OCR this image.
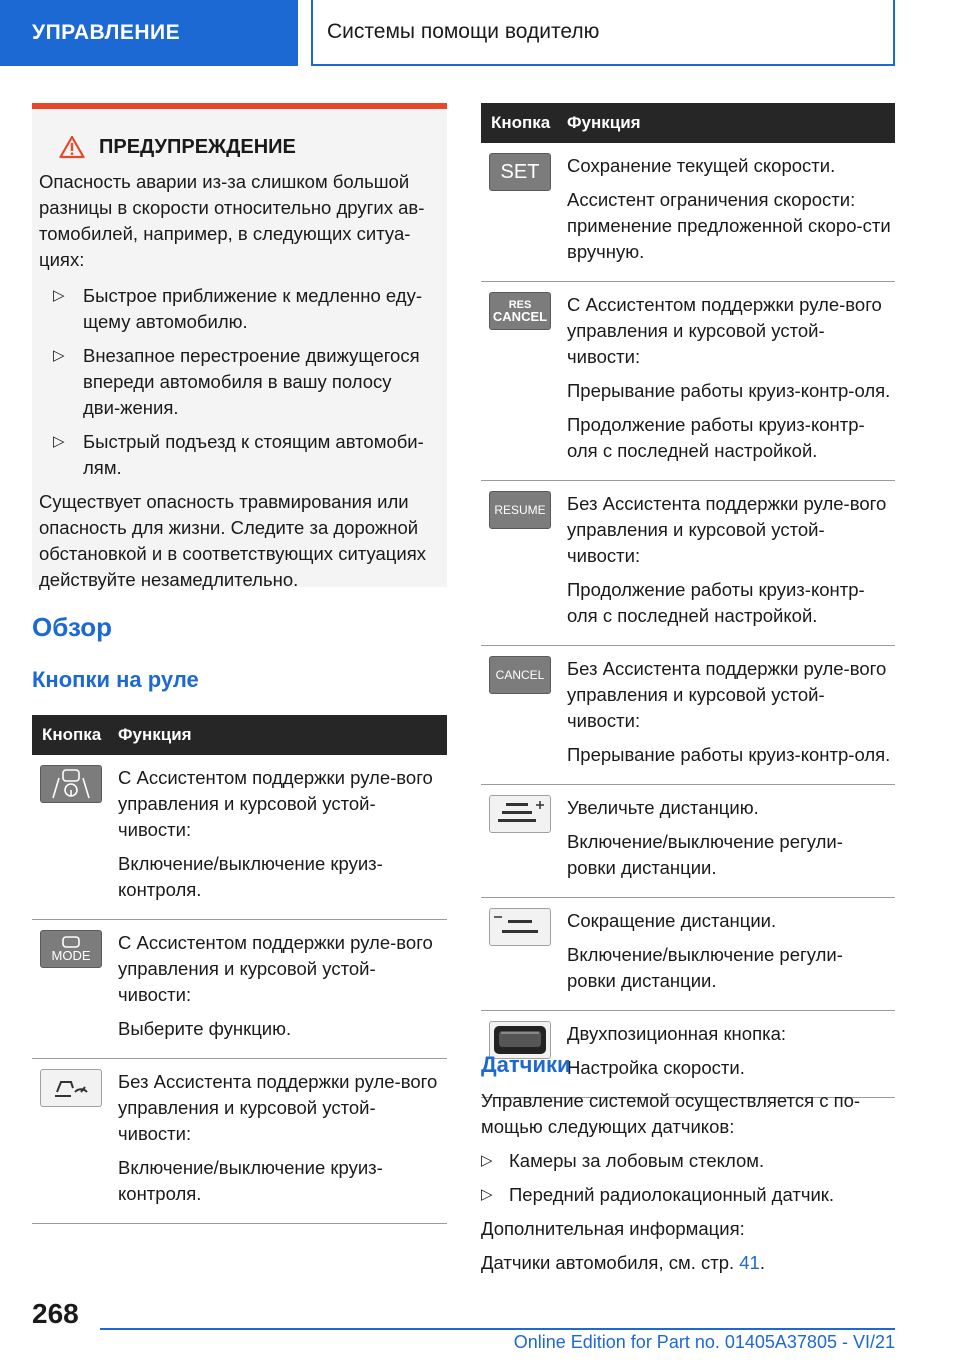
УПРАВЛЕНИЕ	Системы помощи водителю
ПРЕДУПРЕЖДЕНИЕ

Опасность аварии из-за слишком большой разницы в скорости относительно других ав-томобилей, например, в следующих ситуа-циях:

▷ Быстрое приближение к медленно еду-щему автомобилю.
▷ Внезапное перестроение движущегося впереди автомобиля в вашу полосу дви-жения.
▷ Быстрый подъезд к стоящим автомоби-лям.

Существует опасность травмирования или опасность для жизни. Следите за дорожной обстановкой и в соответствующих ситуациях действуйте незамедлительно.

Обзор
Кнопки на руле
Кнопка Функция

С Ассистентом поддержки руле-вого управления и курсовой устой-чивости:

Включение/выключение круиз-контроля.

MODE

С Ассистентом поддержки руле-вого управления и курсовой устой-чивости:

Выберите функцию.

Без Ассистента поддержки руле-вого управления и курсовой устой-чивости:

Включение/выключение круиз-контроля.

Кнопка Функция
SET Сохранение текущей скорости.

Ассистент ограничения скорости: применение предложенной скоро-сти вручную.

RES
CANCEL

С Ассистентом поддержки руле-вого управления и курсовой устой-чивости:

Прерывание работы круиз-контр-оля.

Продолжение работы круиз-контр-оля с последней настройкой.

RESUME Без Ассистента поддержки руле-вого управления и курсовой устой-чивости:

Продолжение работы круиз-контр-оля с последней настройкой.

CANCEL Без Ассистента поддержки руле-вого управления и курсовой устой-чивости:

Прерывание работы круиз-контр-оля.

Увеличьте дистанцию.

Включение/выключение регули-ровки дистанции.

Сокращение дистанции.

Включение/выключение регули-ровки дистанции.

Двухпозиционная кнопка:

Настройка скорости.

Датчики

Управление системой осуществляется с по-мощью следующих датчиков:

▷ Камеры за лобовым стеклом.
▷ Передний радиолокационный датчик.

Дополнительная информация:

Датчики автомобиля, см. стр. 41.

268
Online Edition for Part no. 01405A37805 - VI/21
